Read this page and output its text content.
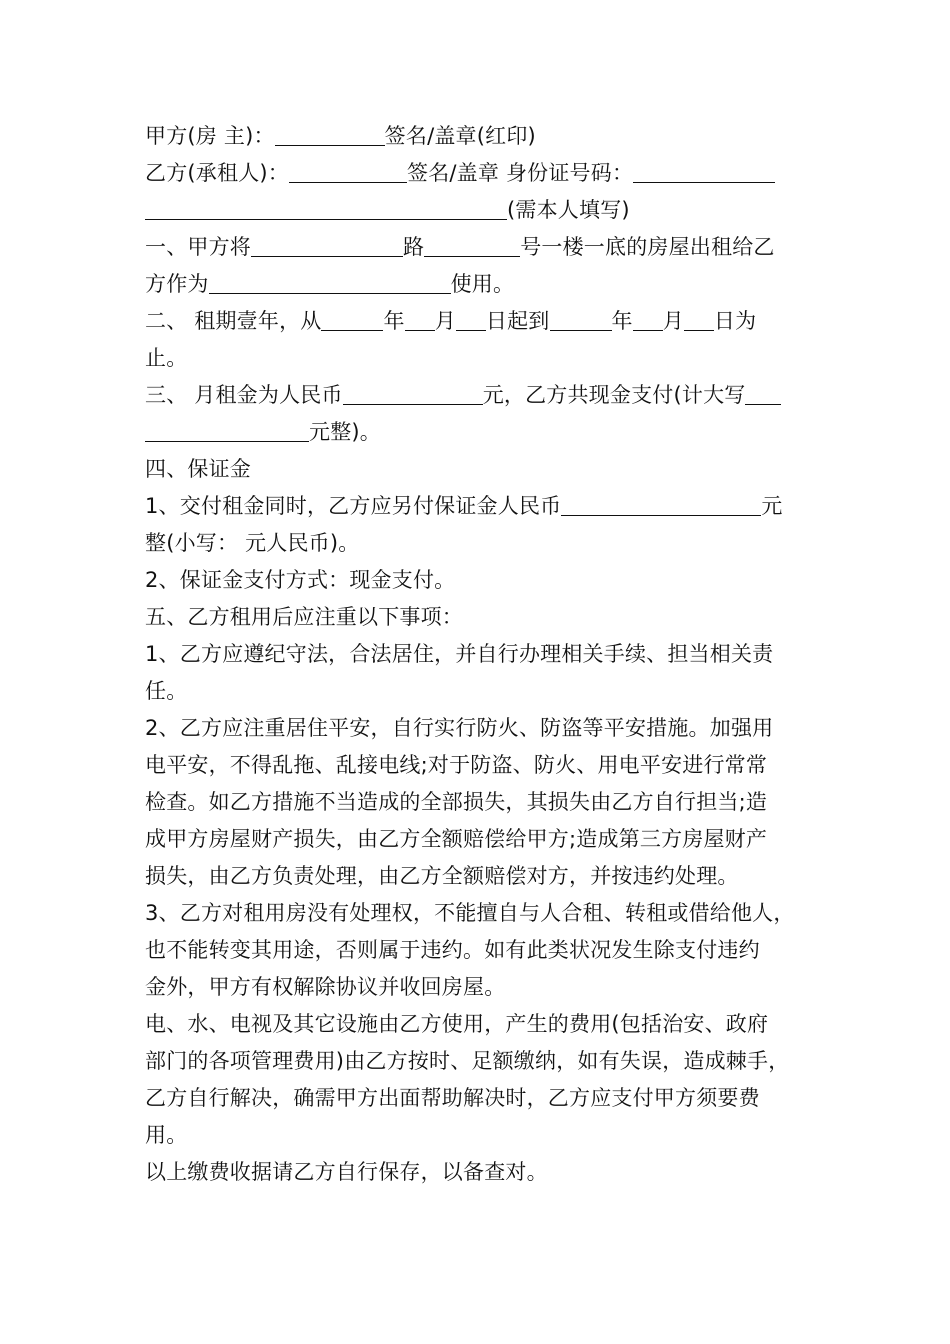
甲方(房 主)：	签名/盖章(红印)
乙方(承租人)：	签名/盖章 身份证号码：
(需本人填写)
一、甲方将	路	号一楼一底的房屋出租给乙
方作为	使用。
二、 租期壹年，从	年 月 日起到	年 月 日为
止。
三、 月租金为人民币	元，乙方共现金支付(计大写
元整)。
四、保证金
1、交付租金同时，乙方应另付保证金人民币	元
整(小写： 元人民币)。
2、保证金支付方式：现金支付。
五、乙方租用后应注重以下事项：
1、乙方应遵纪守法，合法居住，并自行办理相关手续、担当相关责
任。
2、乙方应注重居住平安，自行实行防火、防盗等平安措施。加强用
电平安，不得乱拖、乱接电线;对于防盗、防火、用电平安进行常常
检查。如乙方措施不当造成的全部损失，其损失由乙方自行担当;造
成甲方房屋财产损失，由乙方全额赔偿给甲方;造成第三方房屋财产
损失，由乙方负责处理，由乙方全额赔偿对方，并按违约处理。
3、乙方对租用房没有处理权，不能擅自与人合租、转租或借给他人，
也不能转变其用途，否则属于违约。如有此类状况发生除支付违约
金外，甲方有权解除协议并收回房屋。
电、水、电视及其它设施由乙方使用，产生的费用(包括治安、政府
部门的各项管理费用)由乙方按时、足额缴纳，如有失误，造成棘手，
乙方自行解决，确需甲方出面帮助解决时，乙方应支付甲方须要费
用。
以上缴费收据请乙方自行保存，以备查对。
